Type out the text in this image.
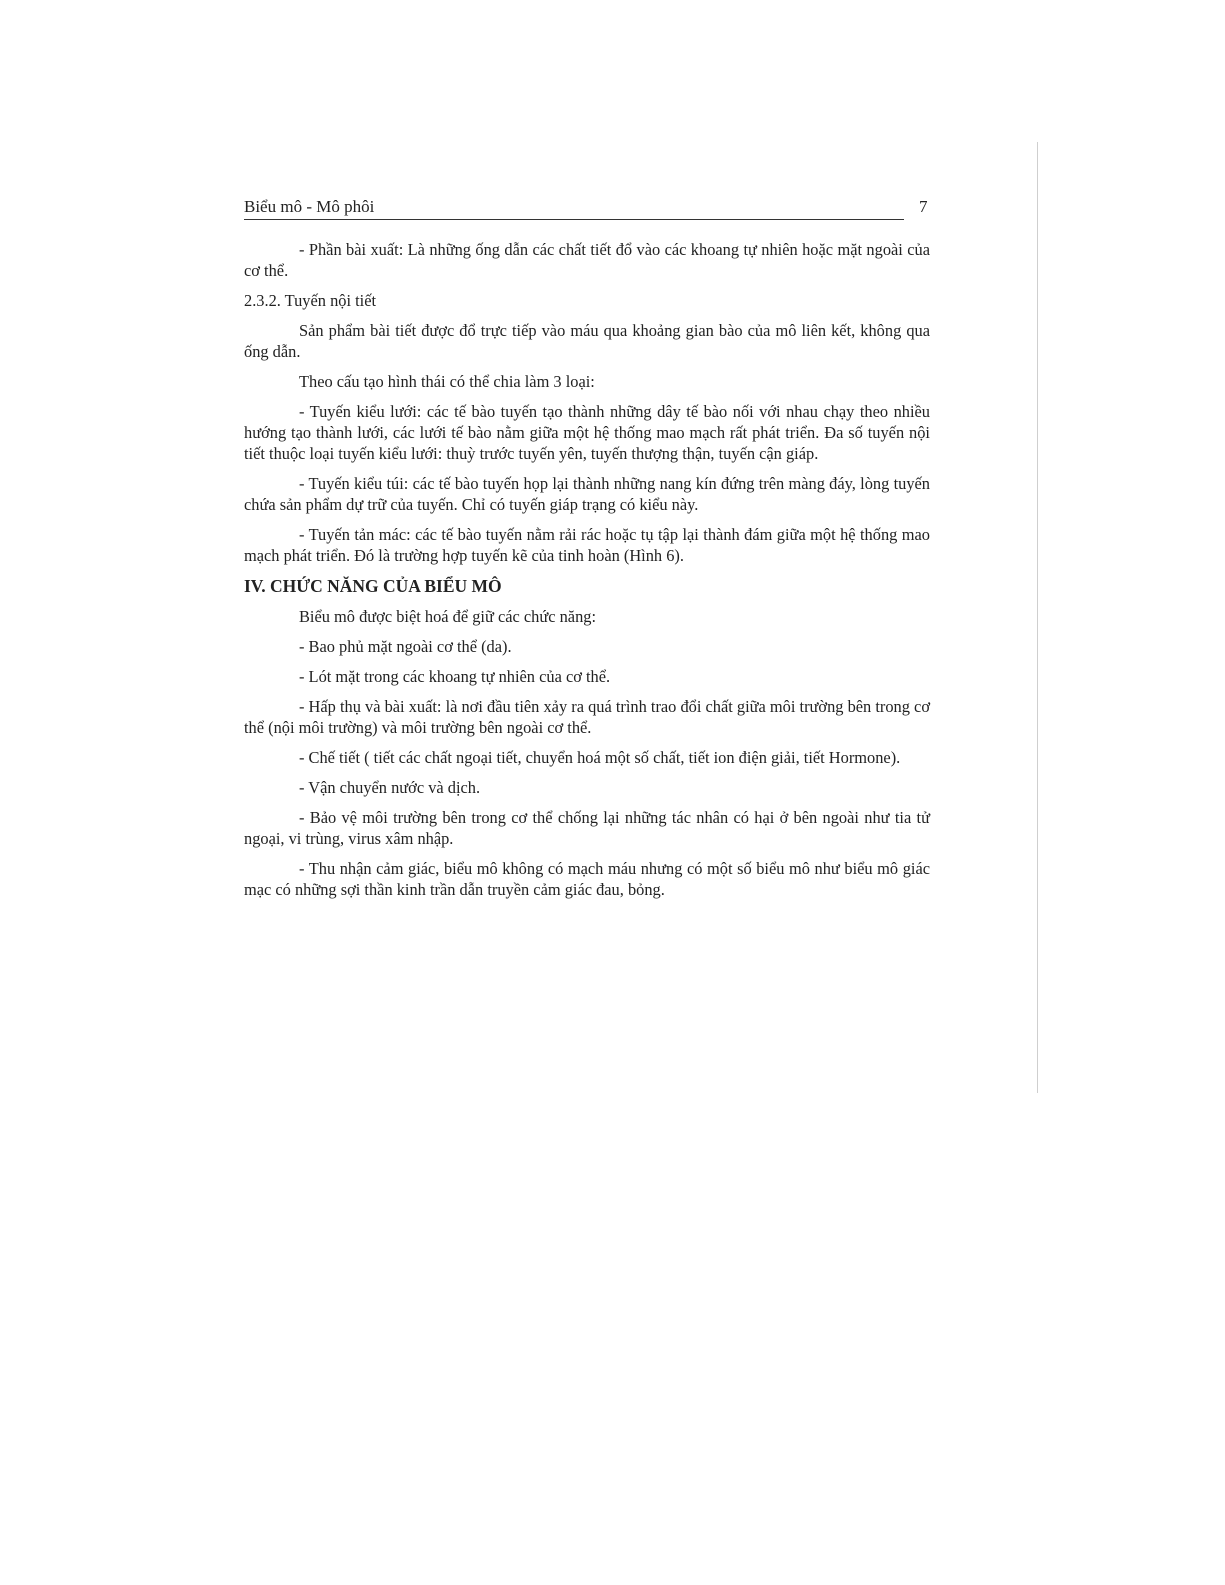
Biểu mô - Mô phôi	7

- Phần bài xuất: Là những ống dẫn các chất tiết đổ vào các khoang tự nhiên hoặc mặt ngoài của cơ thể.

2.3.2. Tuyến nội tiết

Sản phẩm bài tiết được đổ trực tiếp vào máu qua khoảng gian bào của mô liên kết, không qua ống dẫn.

Theo cấu tạo hình thái có thể chia làm 3 loại:

- Tuyến kiểu lưới: các tế bào tuyến tạo thành những dây tế bào nối với nhau chạy theo nhiều hướng tạo thành lưới, các lưới tế bào nằm giữa một hệ thống mao mạch rất phát triển. Đa số tuyến nội tiết thuộc loại tuyến kiểu lưới: thuỳ trước tuyến yên, tuyến thượng thận, tuyến cận giáp.

- Tuyến kiểu túi: các tế bào tuyến họp lại thành những nang kín đứng trên màng đáy, lòng tuyến chứa sản phẩm dự trữ của tuyến. Chỉ có tuyến giáp trạng có kiểu này.

- Tuyến tản mác: các tế bào tuyến nằm rải rác hoặc tụ tập lại thành đám giữa một hệ thống mao mạch phát triển. Đó là trường hợp tuyến kẽ của tinh hoàn (Hình 6).

IV. CHỨC NĂNG CỦA BIỂU MÔ

Biểu mô được biệt hoá để giữ các chức năng:

- Bao phủ mặt ngoài cơ thể (da).

- Lót mặt trong các khoang tự nhiên của cơ thể.

- Hấp thụ và bài xuất: là nơi đầu tiên xảy ra quá trình trao đổi chất giữa môi trường bên trong cơ thể (nội môi trường) và môi trường bên ngoài cơ thể.

- Chế tiết ( tiết các chất ngoại tiết, chuyển hoá một số chất, tiết ion điện giải, tiết Hormone).

- Vận chuyển nước và dịch.

- Bảo vệ môi trường bên trong cơ thể chống lại những tác nhân có hại ở bên ngoài như tia tử ngoại, vi trùng, virus xâm nhập.

- Thu nhận cảm giác, biểu mô không có mạch máu nhưng có một số biểu mô như biểu mô giác mạc có những sợi thần kinh trần dẫn truyền cảm giác đau, bỏng.
